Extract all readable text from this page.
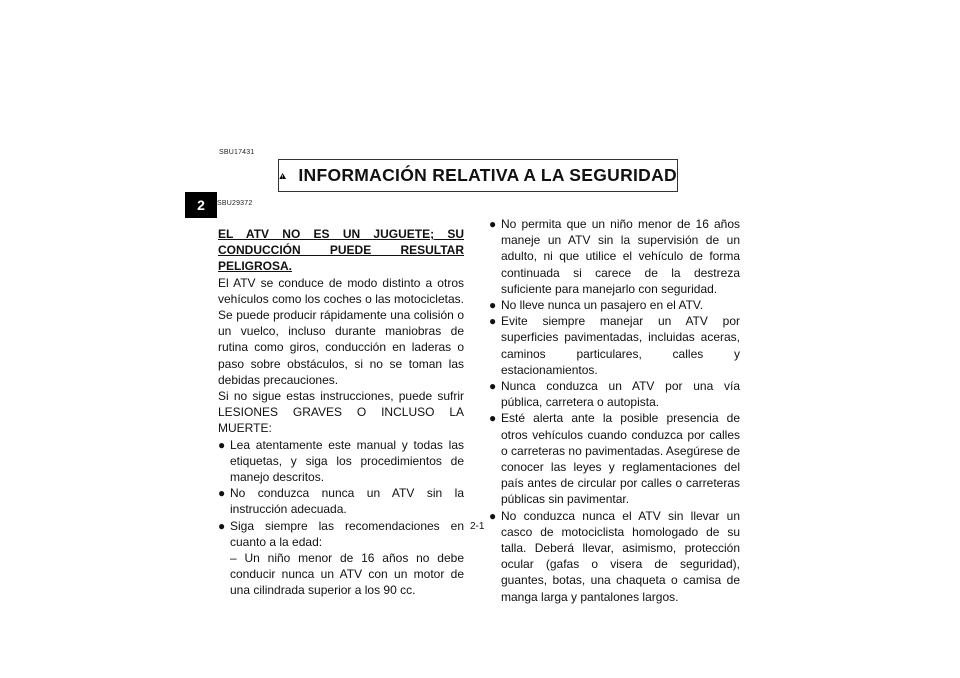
SBU17431
INFORMACIÓN RELATIVA A LA SEGURIDAD
2	SBU29372

EL ATV NO ES UN JUGUETE; SU CONDUCCIÓN PUEDE RESULTAR PELIGROSA.

El ATV se conduce de modo distinto a otros vehículos como los coches o las motocicletas. Se puede producir rápidamente una colisión o un vuelco, incluso durante maniobras de rutina como giros, conducción en laderas o paso sobre obstáculos, si no se toman las debidas precauciones.

Si no sigue estas instrucciones, puede sufrir LESIONES GRAVES O INCLUSO LA MUERTE:

● Lea atentamente este manual y todas las etiquetas, y siga los procedimientos de manejo descritos.
● No conduzca nunca un ATV sin la instrucción adecuada.
● Siga siempre las recomendaciones en cuanto a la edad:
– Un niño menor de 16 años no debe conducir nunca un ATV con un motor de una cilindrada superior a los 90 cc.
● No permita que un niño menor de 16 años maneje un ATV sin la supervisión de un adulto, ni que utilice el vehículo de forma continuada si carece de la destreza suficiente para manejarlo con seguridad.
● No lleve nunca un pasajero en el ATV.
● Evite siempre manejar un ATV por superficies pavimentadas, incluidas aceras, caminos particulares, calles y estacionamientos.
● Nunca conduzca un ATV por una vía pública, carretera o autopista.
● Esté alerta ante la posible presencia de otros vehículos cuando conduzca por calles o carreteras no pavimentadas. Asegúrese de conocer las leyes y reglamentaciones del país antes de circular por calles o carreteras públicas sin pavimentar.
● No conduzca nunca el ATV sin llevar un casco de motociclista homologado de su talla. Deberá llevar, asimismo, protección ocular (gafas o visera de seguridad), guantes, botas, una chaqueta o camisa de manga larga y pantalones largos.
2-1
